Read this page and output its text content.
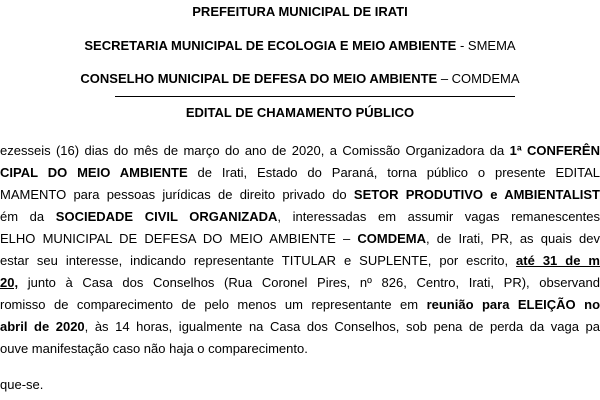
PREFEITURA MUNICIPAL DE IRATI
SECRETARIA MUNICIPAL DE ECOLOGIA E MEIO AMBIENTE - SMEMA
CONSELHO MUNICIPAL DE DEFESA DO MEIO AMBIENTE – COMDEMA
EDITAL DE CHAMAMENTO PÚBLICO
ezesseis (16) dias do mês de março do ano de 2020, a Comissão Organizadora da 1ª CONFERÊN
CIPAL DO MEIO AMBIENTE de Irati, Estado do Paraná, torna público o presente EDITAL
MAMENTO para pessoas jurídicas de direito privado do SETOR PRODUTIVO e AMBIENTALIST
ém da SOCIEDADE CIVIL ORGANIZADA, interessadas em assumir vagas remanescentes
ELHO MUNICIPAL DE DEFESA DO MEIO AMBIENTE – COMDEMA, de Irati, PR, as quais dev
estar seu interesse, indicando representante TITULAR e SUPLENTE, por escrito, até 31 de m
20, junto à Casa dos Conselhos (Rua Coronel Pires, nº 826, Centro, Irati, PR), observand
romisso de comparecimento de pelo menos um representante em reunião para ELEIÇÃO no
abril de 2020, às 14 horas, igualmente na Casa dos Conselhos, sob pena de perda da vaga pa
ouve manifestação caso não haja o comparecimento.
que-se.
